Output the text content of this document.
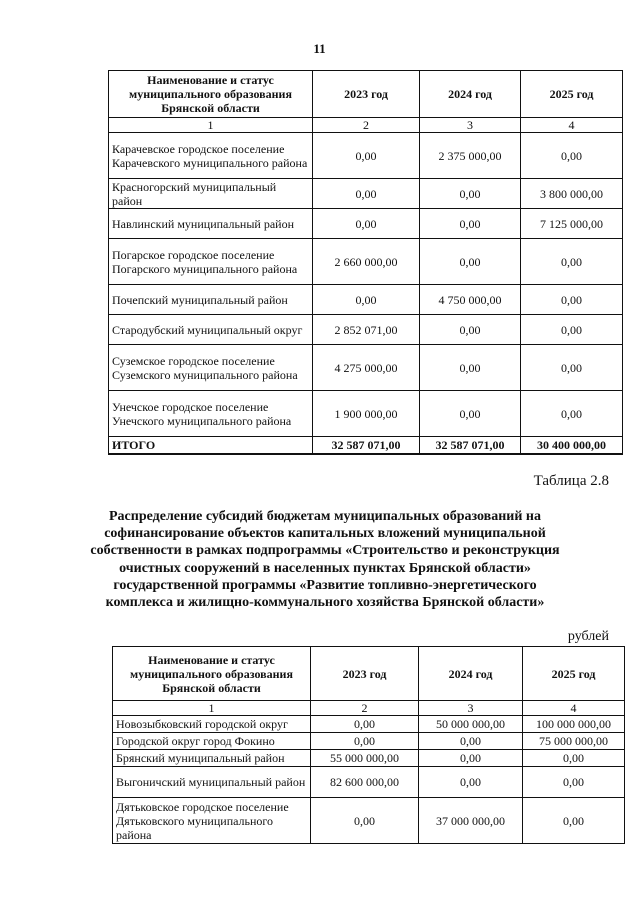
11
Наименование и статус муниципального образования Брянской области	2023 год	2024 год	2025 год
1	2	3	4
Карачевское городское поселение Карачевского муниципального района	0,00	2 375 000,00	0,00
Красногорский муниципальный район	0,00	0,00	3 800 000,00
Навлинский муниципальный район	0,00	0,00	7 125 000,00
Погарское городское поселение Погарского муниципального района	2 660 000,00	0,00	0,00
Почепский муниципальный район	0,00	4 750 000,00	0,00
Стародубский муниципальный округ	2 852 071,00	0,00	0,00
Суземское городское поселение Суземского муниципального района	4 275 000,00	0,00	0,00
Унечское городское поселение Унечского муниципального района	1 900 000,00	0,00	0,00
ИТОГО	32 587 071,00	32 587 071,00	30 400 000,00
Таблица 2.8
Распределение субсидий бюджетам муниципальных образований на софинансирование объектов капитальных вложений муниципальной собственности в рамках подпрограммы «Строительство и реконструкция очистных сооружений в населенных пунктах Брянской области» государственной программы «Развитие топливно-энергетического комплекса и жилищно-коммунального хозяйства Брянской области»
рублей
Наименование и статус муниципального образования Брянской области	2023 год	2024 год	2025 год
1	2	3	4
Новозыбковский городской округ	0,00	50 000 000,00	100 000 000,00
Городской округ город Фокино	0,00	0,00	75 000 000,00
Брянский муниципальный район	55 000 000,00	0,00	0,00
Выгоничский муниципальный район	82 600 000,00	0,00	0,00
Дятьковское городское поселение Дятьковского муниципального района	0,00	37 000 000,00	0,00
